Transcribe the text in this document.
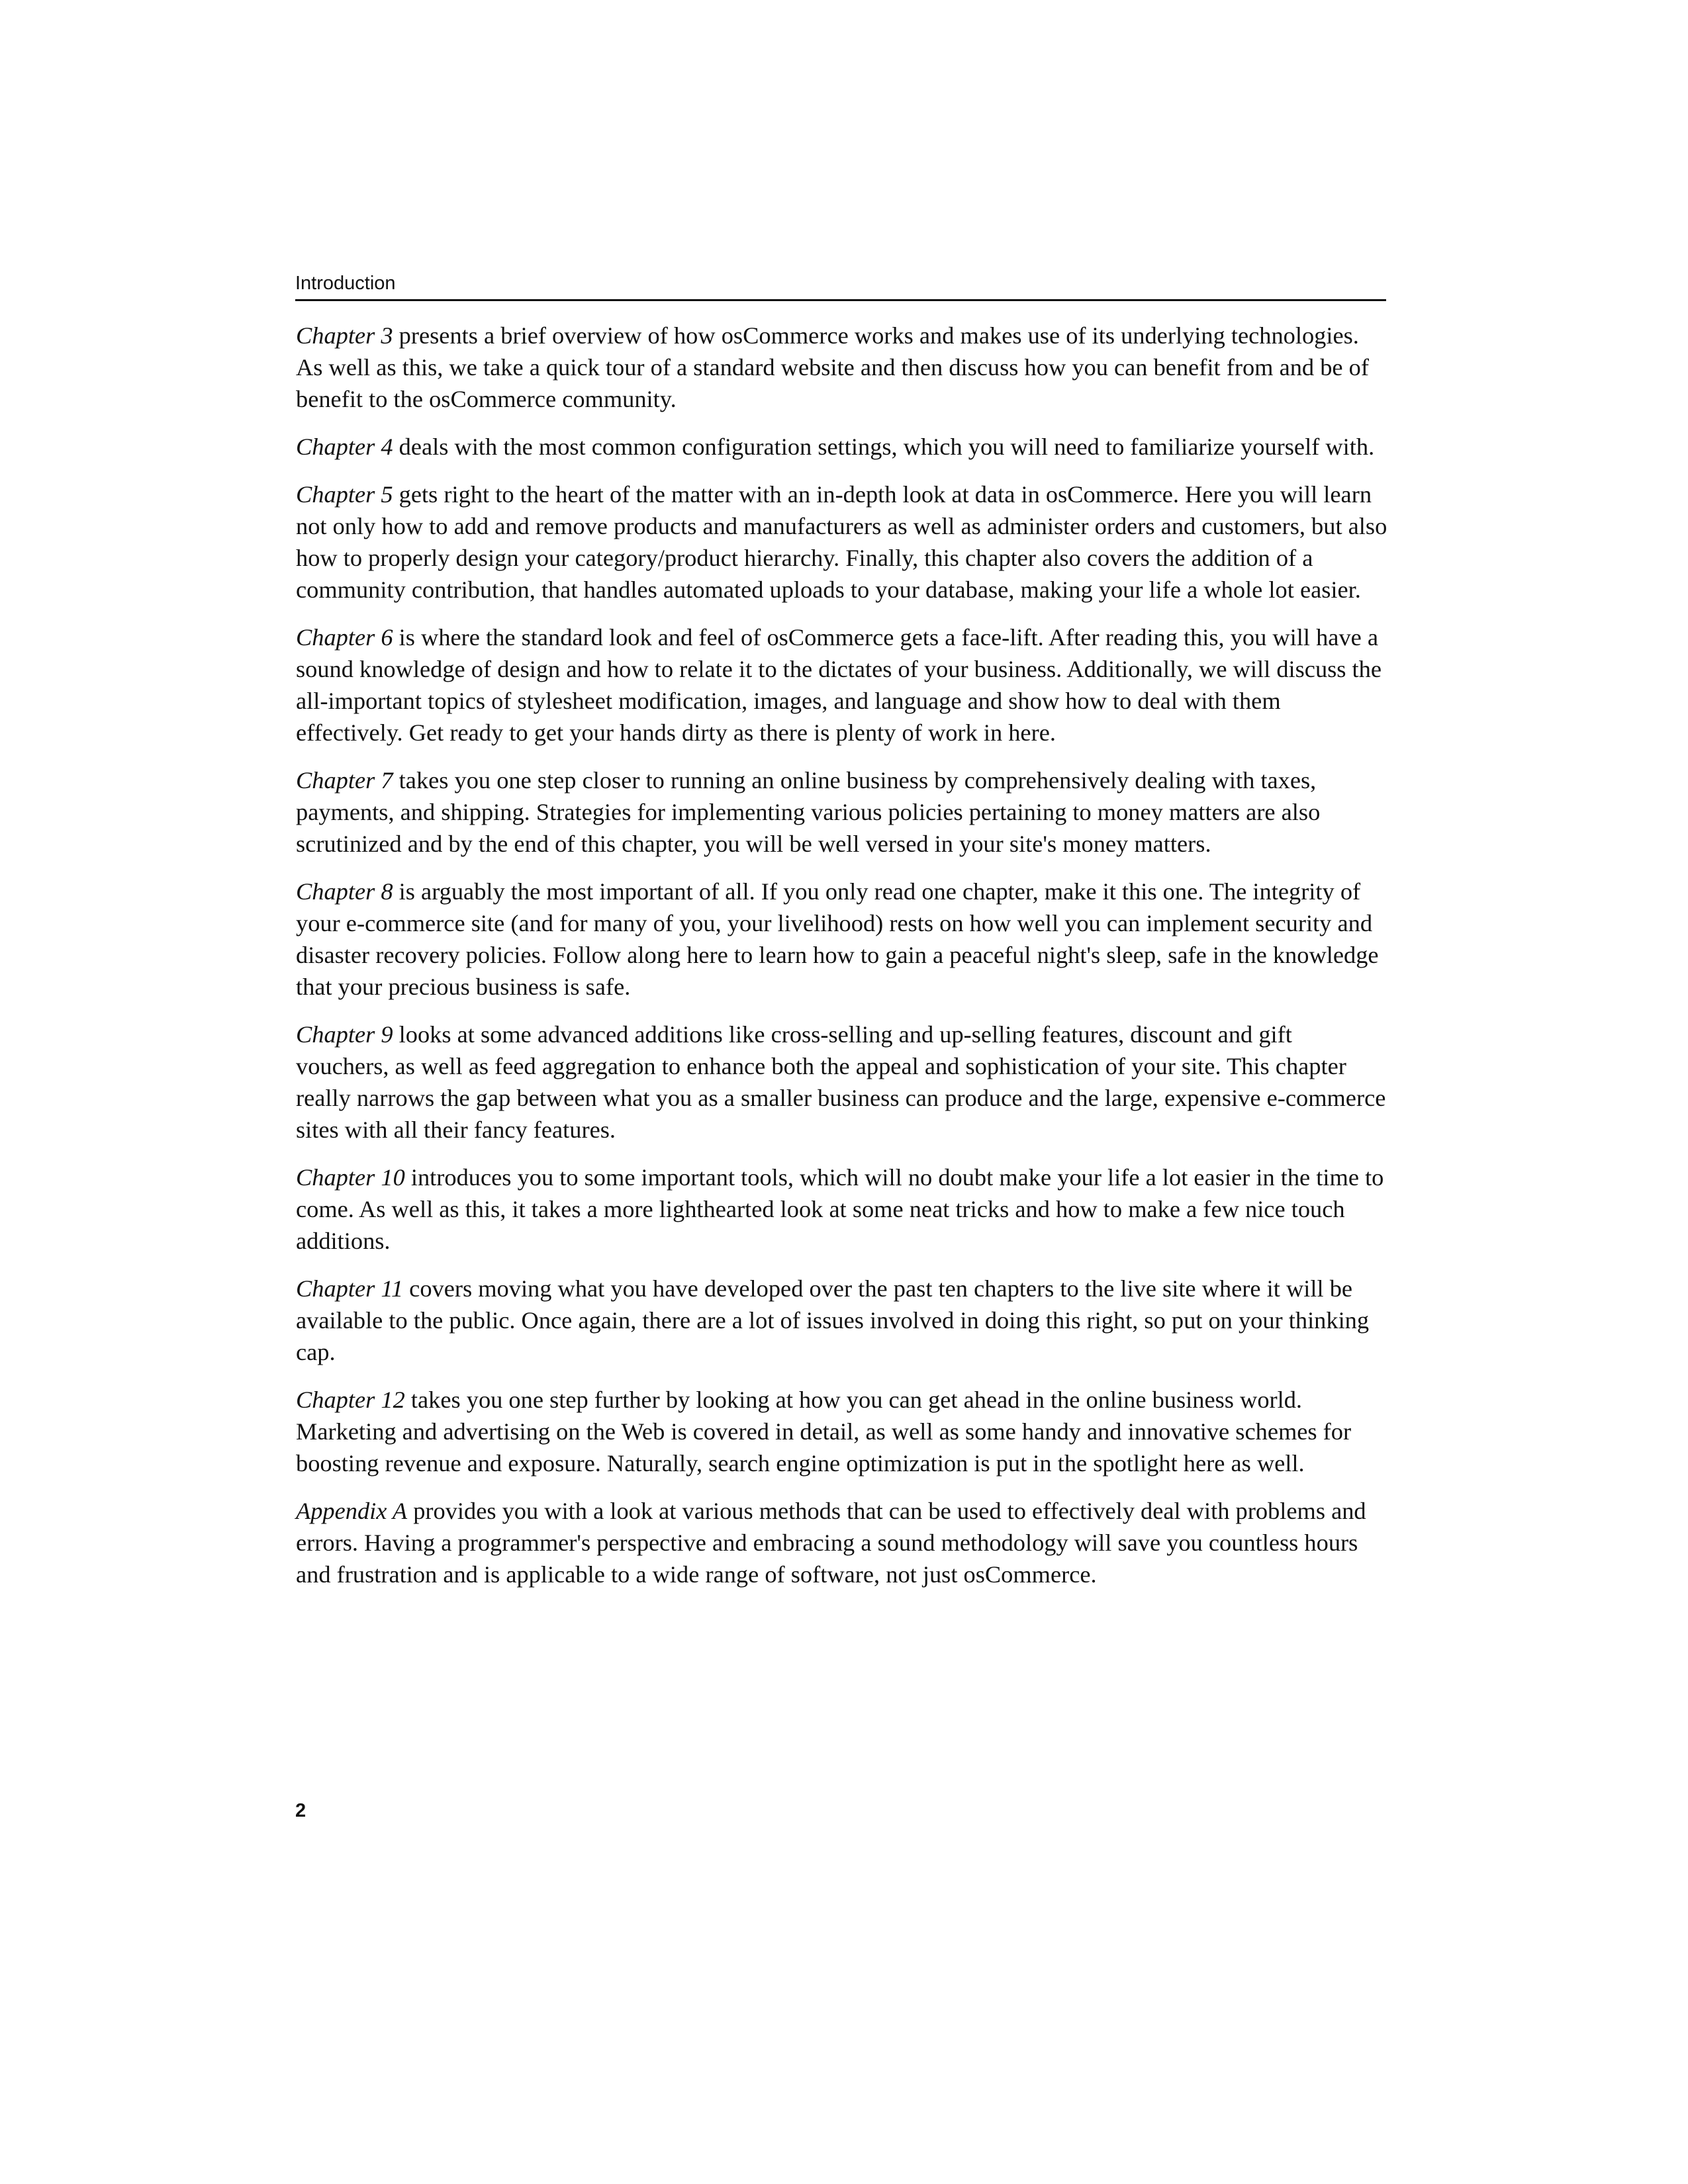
Introduction

Chapter 3 presents a brief overview of how osCommerce works and makes use of its underlying technologies. As well as this, we take a quick tour of a standard website and then discuss how you can benefit from and be of benefit to the osCommerce community.

Chapter 4 deals with the most common configuration settings, which you will need to familiarize yourself with.

Chapter 5 gets right to the heart of the matter with an in-depth look at data in osCommerce. Here you will learn not only how to add and remove products and manufacturers as well as administer orders and customers, but also how to properly design your category/product hierarchy. Finally, this chapter also covers the addition of a community contribution, that handles automated uploads to your database, making your life a whole lot easier.

Chapter 6 is where the standard look and feel of osCommerce gets a face-lift. After reading this, you will have a sound knowledge of design and how to relate it to the dictates of your business. Additionally, we will discuss the all-important topics of stylesheet modification, images, and language and show how to deal with them effectively. Get ready to get your hands dirty as there is plenty of work in here.

Chapter 7 takes you one step closer to running an online business by comprehensively dealing with taxes, payments, and shipping. Strategies for implementing various policies pertaining to money matters are also scrutinized and by the end of this chapter, you will be well versed in your site's money matters.

Chapter 8 is arguably the most important of all. If you only read one chapter, make it this one. The integrity of your e-commerce site (and for many of you, your livelihood) rests on how well you can implement security and disaster recovery policies. Follow along here to learn how to gain a peaceful night's sleep, safe in the knowledge that your precious business is safe.

Chapter 9 looks at some advanced additions like cross-selling and up-selling features, discount and gift vouchers, as well as feed aggregation to enhance both the appeal and sophistication of your site. This chapter really narrows the gap between what you as a smaller business can produce and the large, expensive e-commerce sites with all their fancy features.

Chapter 10 introduces you to some important tools, which will no doubt make your life a lot easier in the time to come. As well as this, it takes a more lighthearted look at some neat tricks and how to make a few nice touch additions.

Chapter 11 covers moving what you have developed over the past ten chapters to the live site where it will be available to the public. Once again, there are a lot of issues involved in doing this right, so put on your thinking cap.

Chapter 12 takes you one step further by looking at how you can get ahead in the online business world. Marketing and advertising on the Web is covered in detail, as well as some handy and innovative schemes for boosting revenue and exposure. Naturally, search engine optimization is put in the spotlight here as well.

Appendix A provides you with a look at various methods that can be used to effectively deal with problems and errors. Having a programmer's perspective and embracing a sound methodology will save you countless hours and frustration and is applicable to a wide range of software, not just osCommerce.

2
